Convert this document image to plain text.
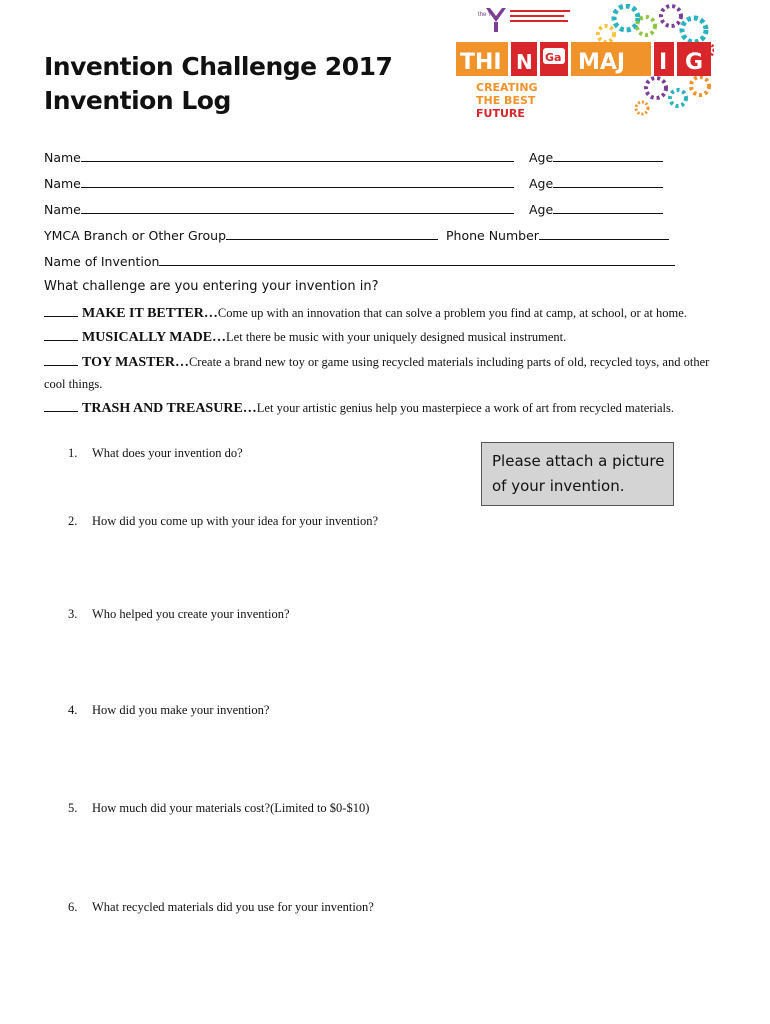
Invention Challenge 2017
Invention Log
the Y
THI N Ga MAJ I G
CREATING
THE BEST
FUTURE
Name	Age
Name	Age
Name	Age
YMCA Branch or Other Group	Phone Number
Name of Invention
What challenge are you entering your invention in?
MAKE IT BETTER…Come up with an innovation that can solve a problem you find at camp, at school, or at home.
MUSICALLY MADE…Let there be music with your uniquely designed musical instrument.
TOY MASTER…Create a brand new toy or game using recycled materials including parts of old, recycled toys, and other
cool things.
TRASH AND TREASURE…Let your artistic genius help you masterpiece a work of art from recycled materials.
Please attach a picture of your invention.
1. What does your invention do?
2. How did you come up with your idea for your invention?
3. Who helped you create your invention?
4. How did you make your invention?
5. How much did your materials cost?(Limited to $0-$10)
6. What recycled materials did you use for your invention?
